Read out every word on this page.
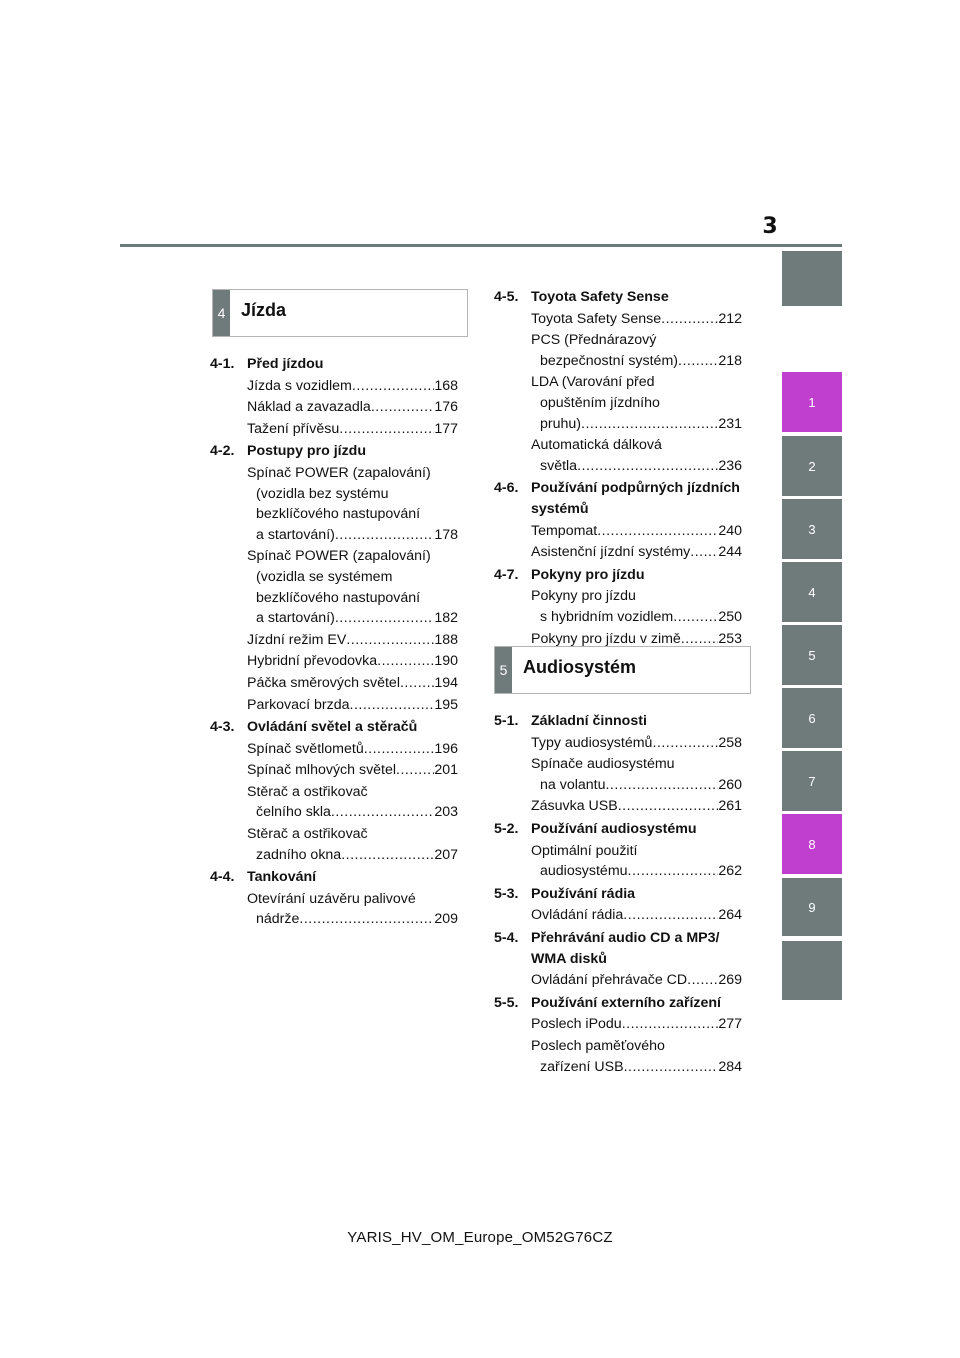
3
1
2
3
4
5
6
7
8
9
4 Jízda
4-1. Před jízdou
Jízda s vozidlem .....	168
Náklad a zavazadla .....	176
Tažení přívěsu .....	177
4-2. Postupy pro jízdu
Spínač POWER (zapalování)
(vozidla bez systému
bezklíčového nastupování
a startování) .....	178
Spínač POWER (zapalování)
(vozidla se systémem
bezklíčového nastupování
a startování) .....	182
Jízdní režim EV .....	188
Hybridní převodovka .....	190
Páčka směrových světel ..... 194
Parkovací brzda .....	195
4-3. Ovládání světel a stěračů
Spínač světlometů .....	196
Spínač mlhových světel .....	201
Stěrač a ostřikovač
čelního skla .....	203
Stěrač a ostřikovač
zadního okna .....	207
4-4. Tankování
Otevírání uzávěru palivové
nádrže .....	209
4-5. Toyota Safety Sense
Toyota Safety Sense .....	212
PCS (Přednárazový
bezpečnostní systém) .....	218
LDA (Varování před
opuštěním jízdního
pruhu) .....	231
Automatická dálková
světla .....	236
4-6. Používání podpůrných jízdních systémů
Tempomat .....	240
Asistenční jízdní systémy ..... 244
4-7. Pokyny pro jízdu
Pokyny pro jízdu
s hybridním vozidlem .....	250
Pokyny pro jízdu v zimě .....	253
5 Audiosystém
5-1. Základní činnosti
Typy audiosystémů .....	258
Spínače audiosystému
na volantu .....	260
Zásuvka USB .....	261
5-2. Používání audiosystému
Optimální použití
audiosystému .....	262
5-3. Používání rádia
Ovládání rádia .....	264
5-4. Přehrávání audio CD a MP3/ WMA disků
Ovládání přehrávače CD ..... 269
5-5. Používání externího zařízení
Poslech iPodu .....	277
Poslech paměťového
zařízení USB .....	284
YARIS_HV_OM_Europe_OM52G76CZ
